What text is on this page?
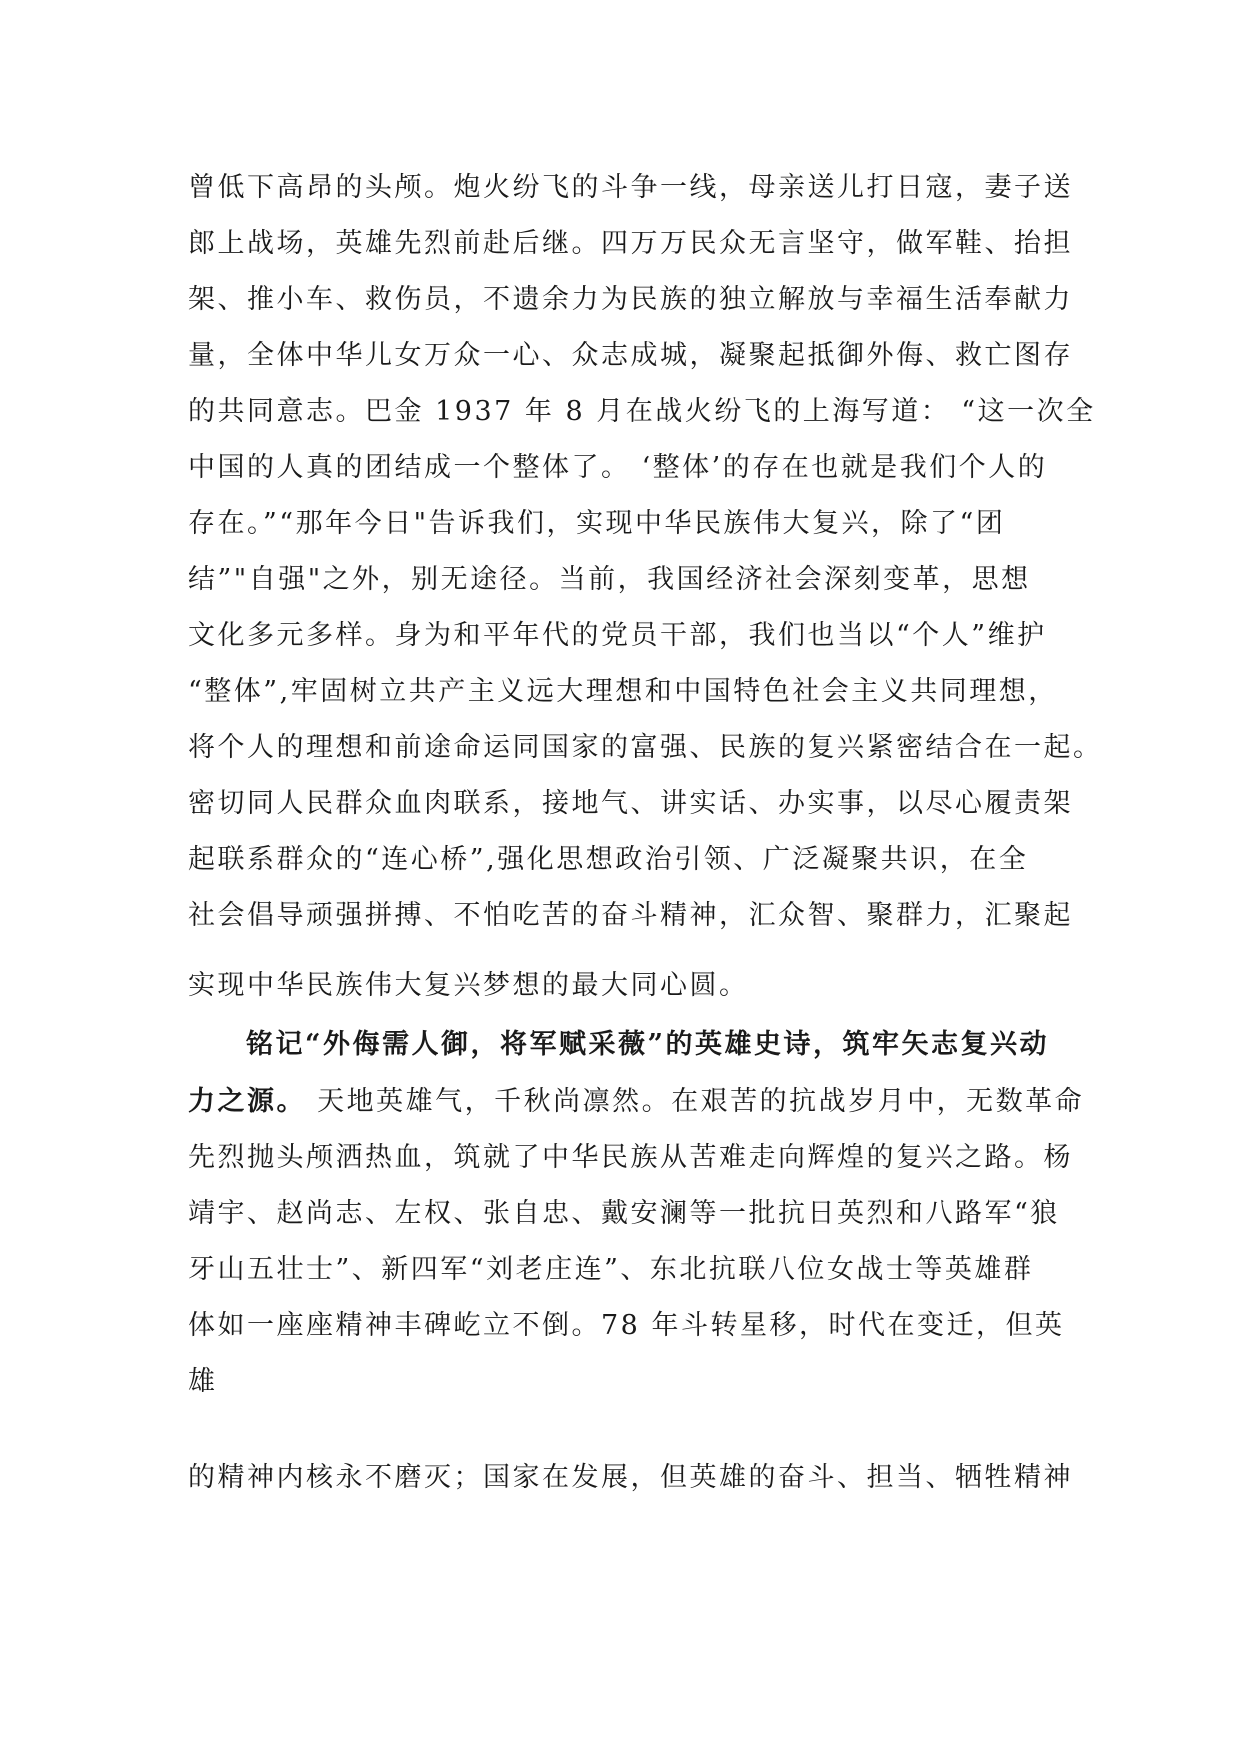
曾低下高昂的头颅。炮火纷飞的斗争一线，母亲送儿打日寇，妻子送
郎上战场，英雄先烈前赴后继。四万万民众无言坚守，做军鞋、抬担
架、推小车、救伤员，不遗余力为民族的独立解放与幸福生活奉献力
量，全体中华儿女万众一心、众志成城，凝聚起抵御外侮、救亡图存
的共同意志。巴金 1937 年 8 月在战火纷飞的上海写道： “这一次全
中国的人真的团结成一个整体了。 ‘整体’的存在也就是我们个人的
存在。”“那年今日"告诉我们，实现中华民族伟大复兴，除了“团
结”"自强"之外，别无途径。当前，我国经济社会深刻变革，思想
文化多元多样。身为和平年代的党员干部，我们也当以“个人”维护
“整体”,牢固树立共产主义远大理想和中国特色社会主义共同理想，
将个人的理想和前途命运同国家的富强、民族的复兴紧密结合在一起。
密切同人民群众血肉联系，接地气、讲实话、办实事，以尽心履责架
起联系群众的“连心桥”,强化思想政治引领、广泛凝聚共识，在全
社会倡导顽强拼搏、不怕吃苦的奋斗精神，汇众智、聚群力，汇聚起
实现中华民族伟大复兴梦想的最大同心圆。
铭记“外侮需人御，将军赋采薇”的英雄史诗，筑牢矢志复兴动
力之源。 天地英雄气，千秋尚凛然。在艰苦的抗战岁月中，无数革命
先烈抛头颅洒热血，筑就了中华民族从苦难走向辉煌的复兴之路。杨
靖宇、赵尚志、左权、张自忠、戴安澜等一批抗日英烈和八路军“狼
牙山五壮士”、新四军“刘老庄连”、东北抗联八位女战士等英雄群
体如一座座精神丰碑屹立不倒。78 年斗转星移，时代在变迁，但英
雄
的精神内核永不磨灭；国家在发展，但英雄的奋斗、担当、牺牲精神
